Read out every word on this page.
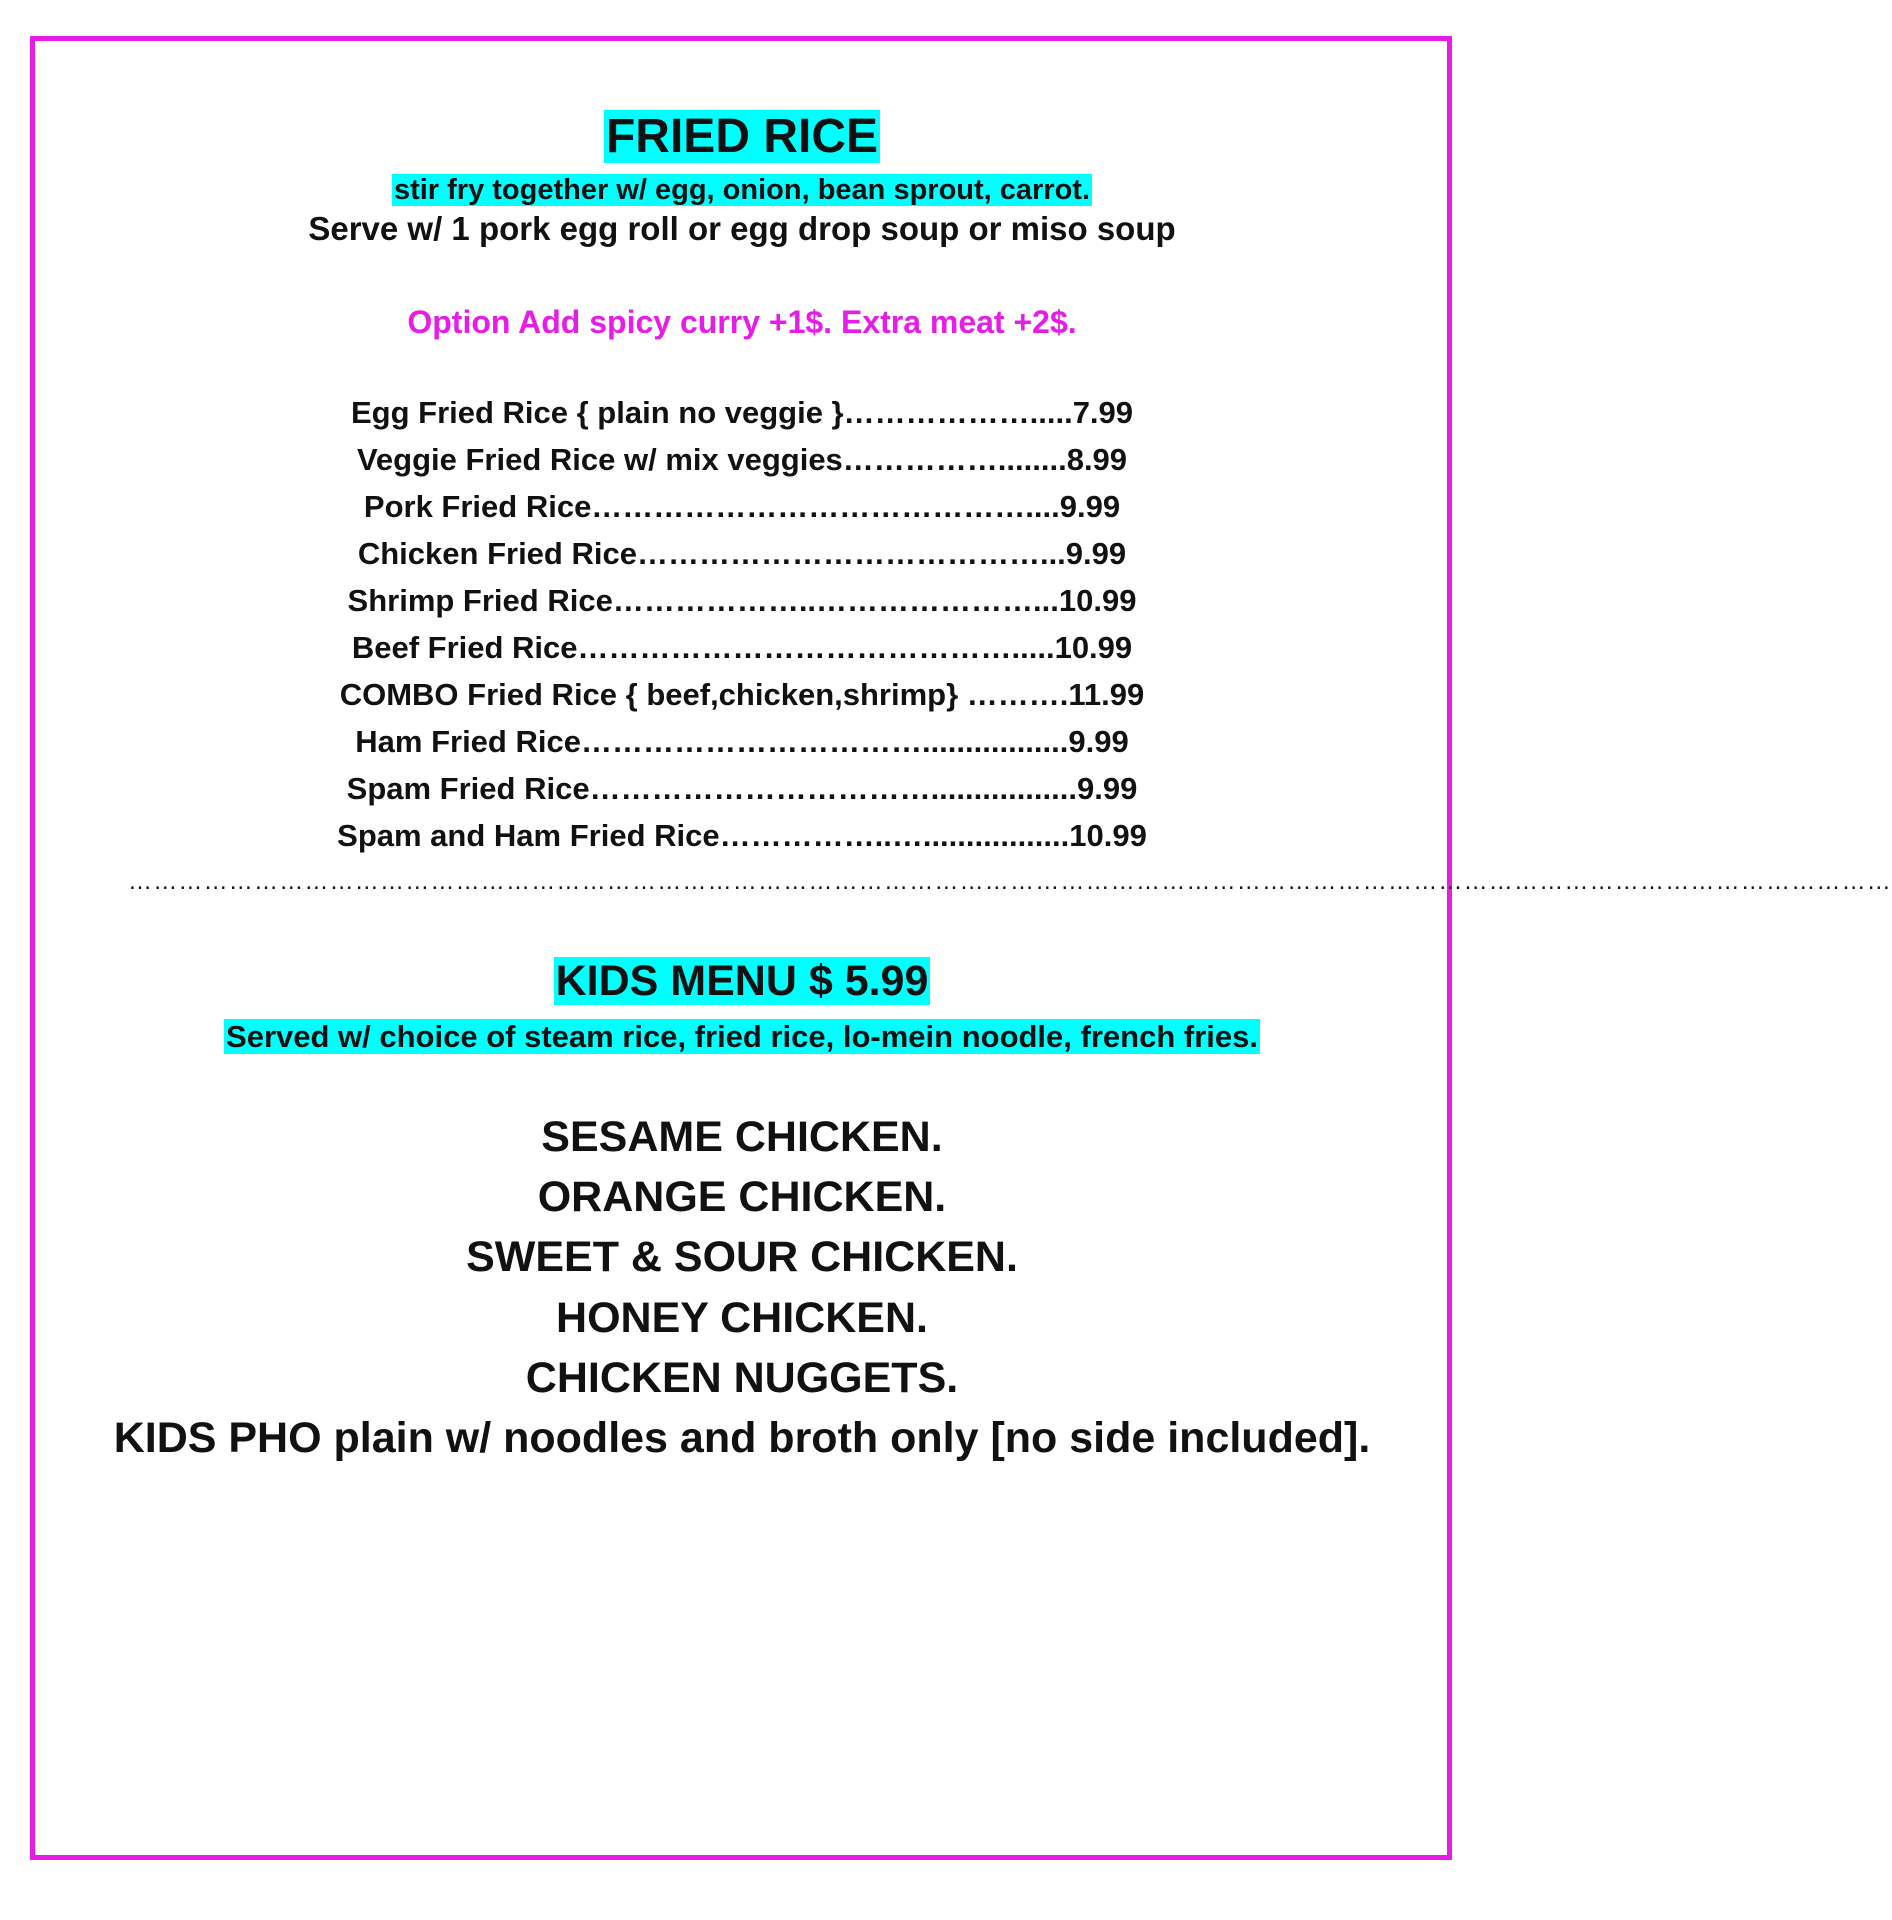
FRIED RICE
stir fry together w/ egg, onion, bean sprout, carrot.
Serve w/ 1 pork egg roll or egg drop soup or miso soup
Option Add spicy curry +1$. Extra meat +2$.
Egg Fried Rice { plain no veggie }……………….....7.99
Veggie Fried Rice w/ mix veggies……………........8.99
Pork Fried Rice……………………………………....9.99
Chicken Fried Rice…………………………………...9.99
Shrimp Fried Rice………………..…………………...10.99
Beef Fried Rice…………………………………….....10.99
COMBO Fried Rice { beef,chicken,shrimp} ……….11.99
Ham Fried Rice…………………………….................9.99
Spam Fried Rice…………………………….................9.99
Spam and Ham Fried Rice……………..….................10.99
…………………………………………………………………………………………………………………………………………………………………………………………
KIDS MENU $ 5.99
Served w/ choice of steam rice, fried rice, lo-mein noodle, french fries.
SESAME CHICKEN.
ORANGE CHICKEN.
SWEET & SOUR CHICKEN.
HONEY CHICKEN.
CHICKEN NUGGETS.
KIDS PHO plain w/ noodles and broth only [no side included].
